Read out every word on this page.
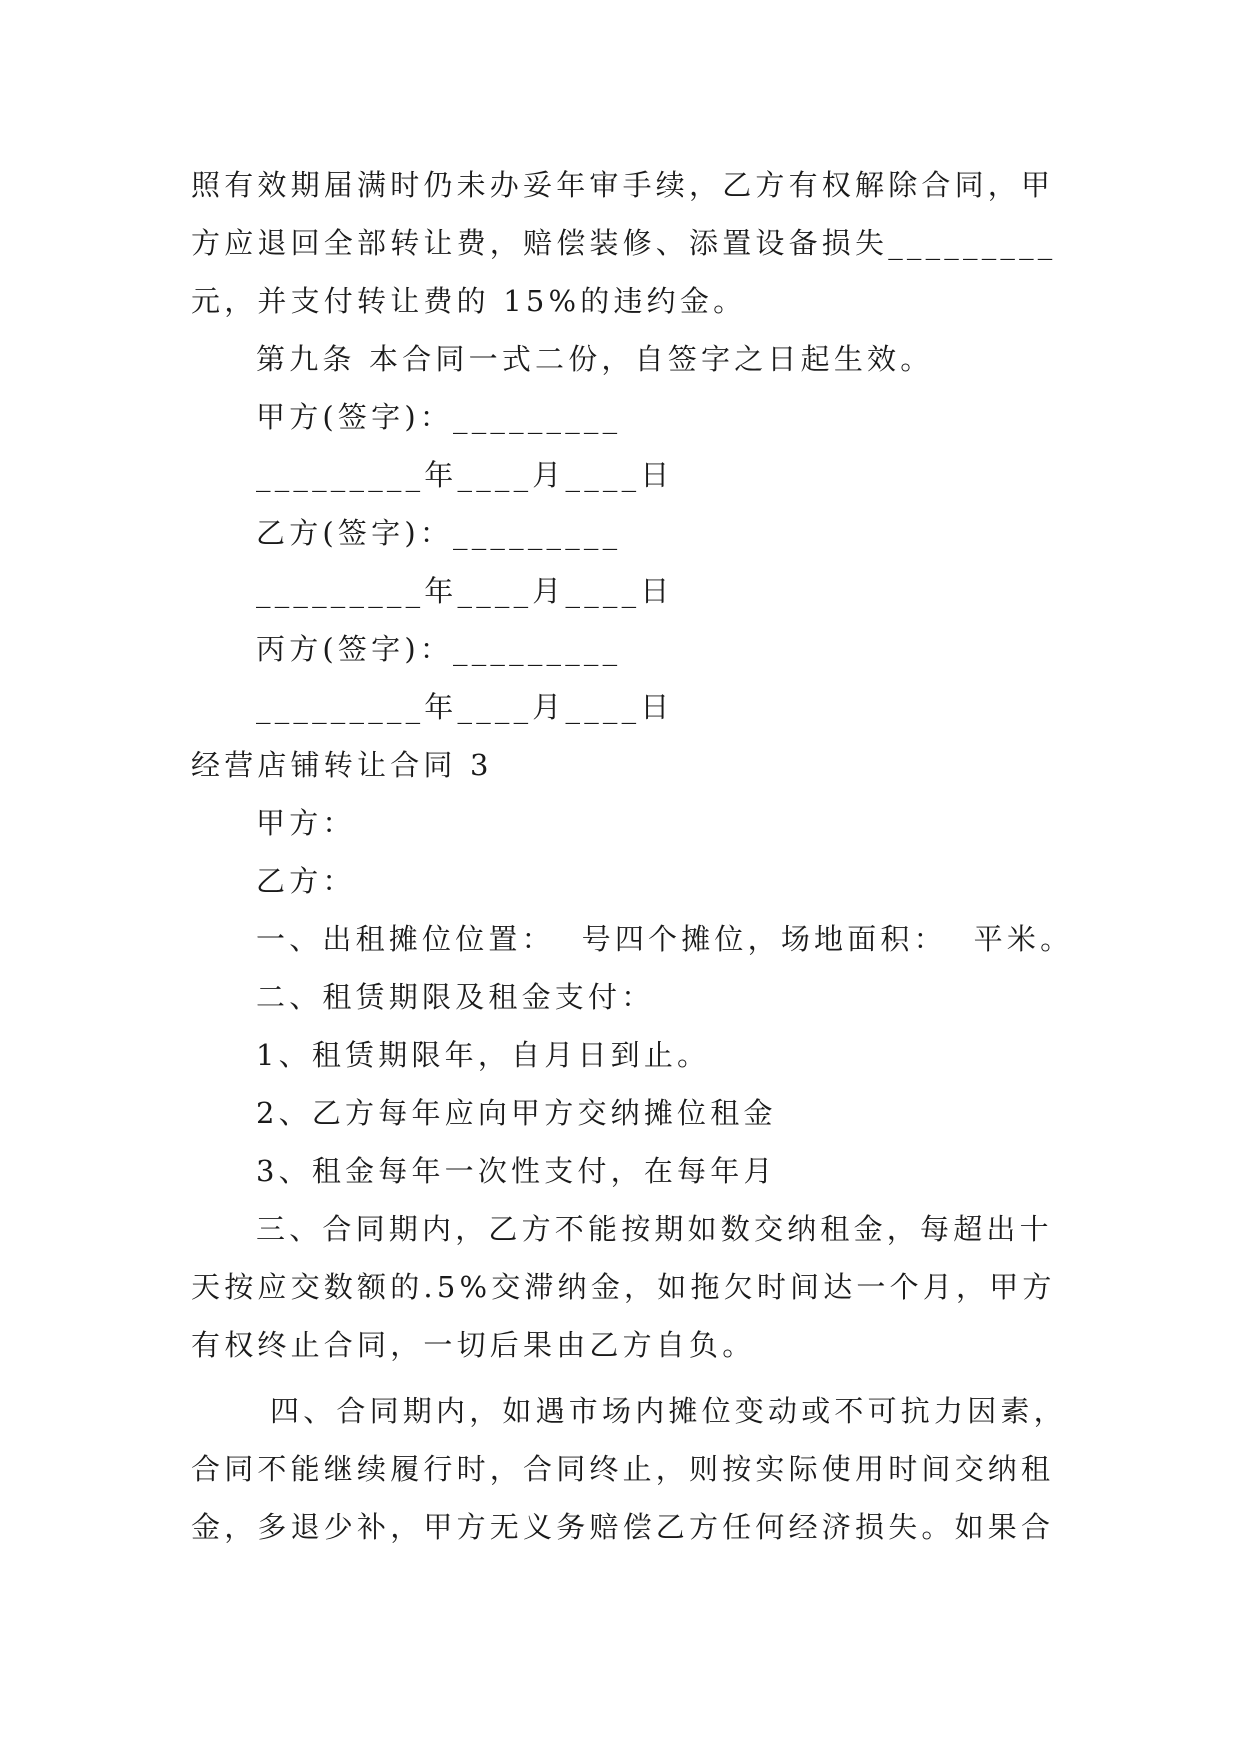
照有效期届满时仍未办妥年审手续，乙方有权解除合同，甲
方应退回全部转让费，赔偿装修、添置设备损失_________
元，并支付转让费的 15%的违约金。
第九条 本合同一式二份，自签字之日起生效。
甲方(签字)：_________
_________年____月____日
乙方(签字)：_________
_________年____月____日
丙方(签字)：_________
_________年____月____日
经营店铺转让合同 3
甲方：
乙方：
一、出租摊位位置：  号四个摊位，场地面积：  平米。
二、租赁期限及租金支付：
1、租赁期限年，自月日到止。
2、乙方每年应向甲方交纳摊位租金
3、租金每年一次性支付，在每年月
三、合同期内，乙方不能按期如数交纳租金，每超出十
天按应交数额的.5%交滞纳金，如拖欠时间达一个月，甲方
有权终止合同，一切后果由乙方自负。
四、合同期内，如遇市场内摊位变动或不可抗力因素，
合同不能继续履行时，合同终止，则按实际使用时间交纳租
金，多退少补，甲方无义务赔偿乙方任何经济损失。如果合
